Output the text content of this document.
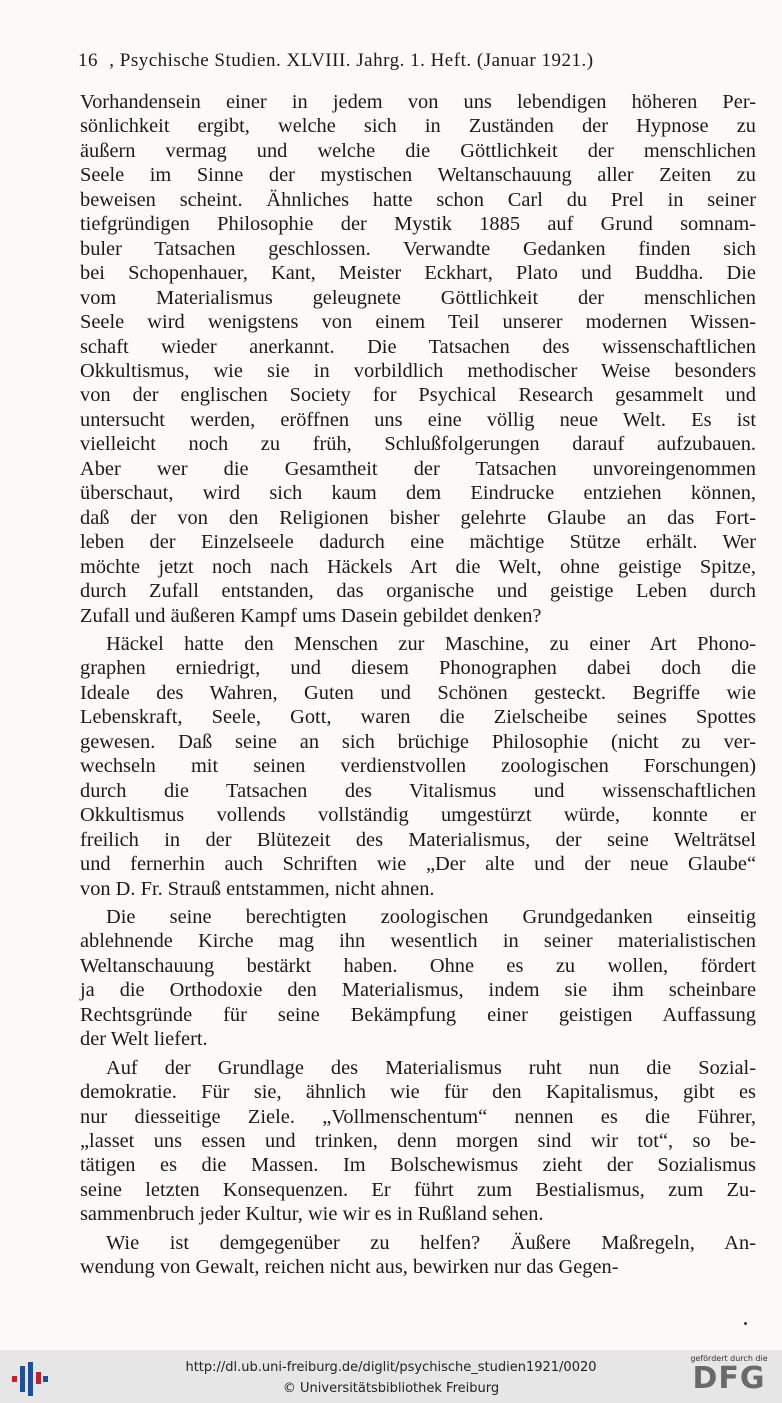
16 , Psychische Studien. XLVIII. Jahrg. 1. Heft. (Januar 1921.)
Vorhandensein einer in jedem von uns lebendigen höheren Per-
sönlichkeit ergibt, welche sich in Zuständen der Hypnose zu
äußern vermag und welche die Göttlichkeit der menschlichen
Seele im Sinne der mystischen Weltanschauung aller Zeiten zu
beweisen scheint. Ähnliches hatte schon Carl du Prel in seiner
tiefgründigen Philosophie der Mystik 1885 auf Grund somnam-
buler Tatsachen geschlossen. Verwandte Gedanken finden sich
bei Schopenhauer, Kant, Meister Eckhart, Plato und Buddha. Die
vom Materialismus geleugnete Göttlichkeit der menschlichen
Seele wird wenigstens von einem Teil unserer modernen Wissen-
schaft wieder anerkannt. Die Tatsachen des wissenschaftlichen
Okkultismus, wie sie in vorbildlich methodischer Weise besonders
von der englischen Society for Psychical Research gesammelt und
untersucht werden, eröffnen uns eine völlig neue Welt. Es ist
vielleicht noch zu früh, Schlußfolgerungen darauf aufzubauen.
Aber wer die Gesamtheit der Tatsachen unvoreingenommen
überschaut, wird sich kaum dem Eindrucke entziehen können,
daß der von den Religionen bisher gelehrte Glaube an das Fort-
leben der Einzelseele dadurch eine mächtige Stütze erhält. Wer
möchte jetzt noch nach Häckels Art die Welt, ohne geistige Spitze,
durch Zufall entstanden, das organische und geistige Leben durch
Zufall und äußeren Kampf ums Dasein gebildet denken?
Häckel hatte den Menschen zur Maschine, zu einer Art Phono-
graphen erniedrigt, und diesem Phonographen dabei doch die
Ideale des Wahren, Guten und Schönen gesteckt. Begriffe wie
Lebenskraft, Seele, Gott, waren die Zielscheibe seines Spottes
gewesen. Daß seine an sich brüchige Philosophie (nicht zu ver-
wechseln mit seinen verdienstvollen zoologischen Forschungen)
durch die Tatsachen des Vitalismus und wissenschaftlichen
Okkultismus vollends vollständig umgestürzt würde, konnte er
freilich in der Blütezeit des Materialismus, der seine Welträtsel
und fernerhin auch Schriften wie „Der alte und der neue Glaube“
von D. Fr. Strauß entstammen, nicht ahnen.
Die seine berechtigten zoologischen Grundgedanken einseitig
ablehnende Kirche mag ihn wesentlich in seiner materialistischen
Weltanschauung bestärkt haben. Ohne es zu wollen, fördert
ja die Orthodoxie den Materialismus, indem sie ihm scheinbare
Rechtsgründe für seine Bekämpfung einer geistigen Auffassung
der Welt liefert.
Auf der Grundlage des Materialismus ruht nun die Sozial-
demokratie. Für sie, ähnlich wie für den Kapitalismus, gibt es
nur diesseitige Ziele. „Vollmenschentum“ nennen es die Führer,
„lasset uns essen und trinken, denn morgen sind wir tot“, so be-
tätigen es die Massen. Im Bolschewismus zieht der Sozialismus
seine letzten Konsequenzen. Er führt zum Bestialismus, zum Zu-
sammenbruch jeder Kultur, wie wir es in Rußland sehen.
Wie ist demgegenüber zu helfen? Äußere Maßregeln, An-
wendung von Gewalt, reichen nicht aus, bewirken nur das Gegen-
http://dl.ub.uni-freiburg.de/diglit/psychische_studien1921/0020
© Universitätsbibliothek Freiburg
gefördert durch die
DFG
